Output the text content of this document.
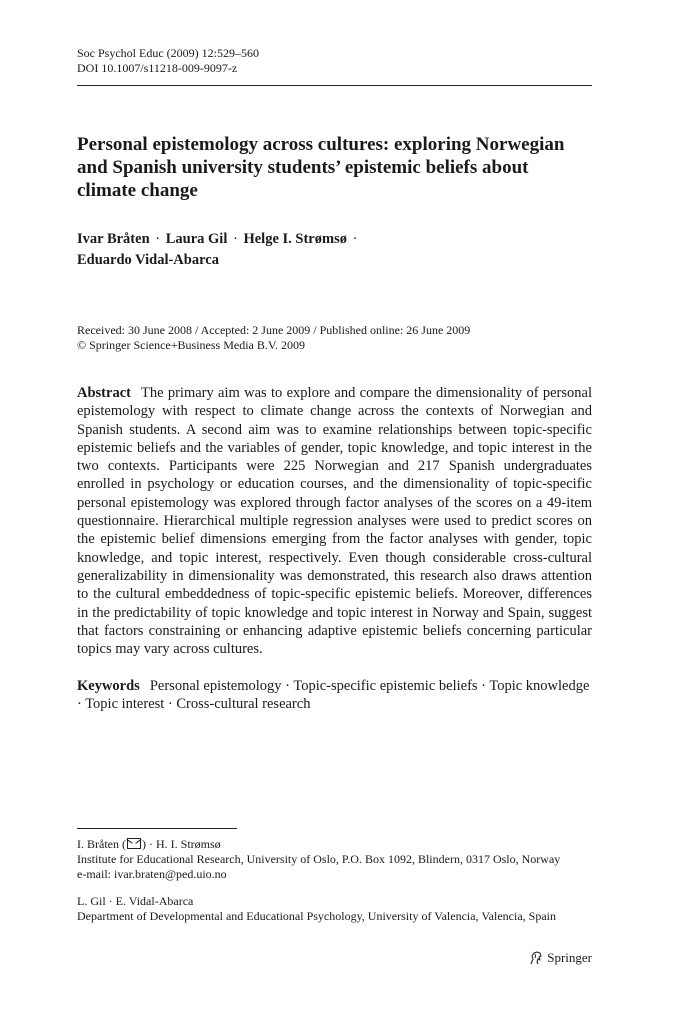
Soc Psychol Educ (2009) 12:529–560
DOI 10.1007/s11218-009-9097-z
Personal epistemology across cultures: exploring Norwegian and Spanish university students’ epistemic beliefs about climate change
Ivar Bråten · Laura Gil · Helge I. Strømsø ·
Eduardo Vidal-Abarca
Received: 30 June 2008 / Accepted: 2 June 2009 / Published online: 26 June 2009
© Springer Science+Business Media B.V. 2009
Abstract The primary aim was to explore and compare the dimensionality of personal epistemology with respect to climate change across the contexts of Norwegian and Spanish students. A second aim was to examine relationships between topic-specific epistemic beliefs and the variables of gender, topic knowledge, and topic interest in the two contexts. Participants were 225 Norwegian and 217 Spanish undergraduates enrolled in psychology or education courses, and the dimensionality of topic-specific personal epistemology was explored through factor analyses of the scores on a 49-item questionnaire. Hierarchical multiple regression analyses were used to predict scores on the epistemic belief dimensions emerging from the factor analyses with gender, topic knowledge, and topic interest, respectively. Even though considerable cross-cultural generalizability in dimensionality was demonstrated, this research also draws attention to the cultural embeddedness of topic-specific epistemic beliefs. Moreover, differences in the predictability of topic knowledge and topic interest in Norway and Spain, suggest that factors constraining or enhancing adaptive epistemic beliefs concerning particular topics may vary across cultures.
Keywords Personal epistemology · Topic-specific epistemic beliefs · Topic knowledge · Topic interest · Cross-cultural research
I. Bråten ( ) · H. I. Strømsø
Institute for Educational Research, University of Oslo, P.O. Box 1092, Blindern, 0317 Oslo, Norway
e-mail: ivar.braten@ped.uio.no
L. Gil · E. Vidal-Abarca
Department of Developmental and Educational Psychology, University of Valencia, Valencia, Spain
Springer
